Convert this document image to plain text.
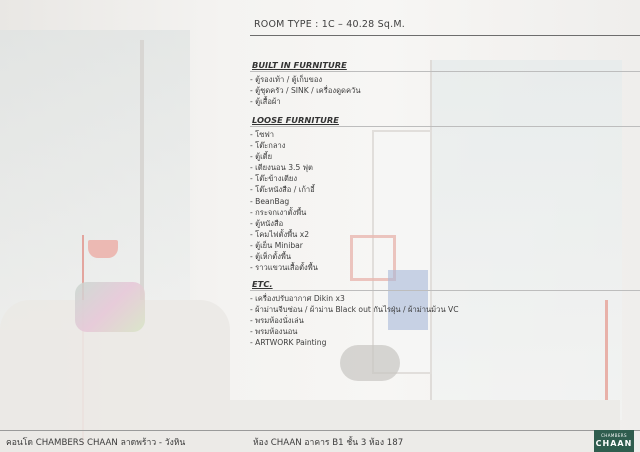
ROOM TYPE : 1C – 40.28 Sq.M.
BUILT IN FURNITURE
- ตู้รองเท้า / ตู้เก็บของ
- ตู้ชุดครัว / SINK / เครื่องดูดควัน
- ตู้เสื้อผ้า
LOOSE FURNITURE
- โซฟา
- โต๊ะกลาง
- ตู้เตี้ย
- เตียงนอน 3.5 ฟุต
- โต๊ะข้างเตียง
- โต๊ะหนังสือ / เก้าอี้
- BeanBag
- กระจกเงาตั้งพื้น
- ตู้หนังสือ
- โคมไฟตั้งพื้น x2
- ตู้เย็น Minibar
- ตู้เห็กตั้งพื้น
- ราวแขวนเสื้อตั้งพื้น
ETC.
- เครื่องปรับอากาศ Dikin x3
- ผ้าม่านจีบซ่อน / ผ้าม่าน Black out กันไรฝุ่น / ผ้าม่านม้วน VC
- พรมห้องนั่งเล่น
- พรมห้องนอน
- ARTWORK Painting
คอนโด CHAMBERS CHAAN ลาดพร้าว - วังหิน	ห้อง CHAAN อาคาร B1 ชั้น 3 ห้อง 187
CHAMBERS
CHAAN
